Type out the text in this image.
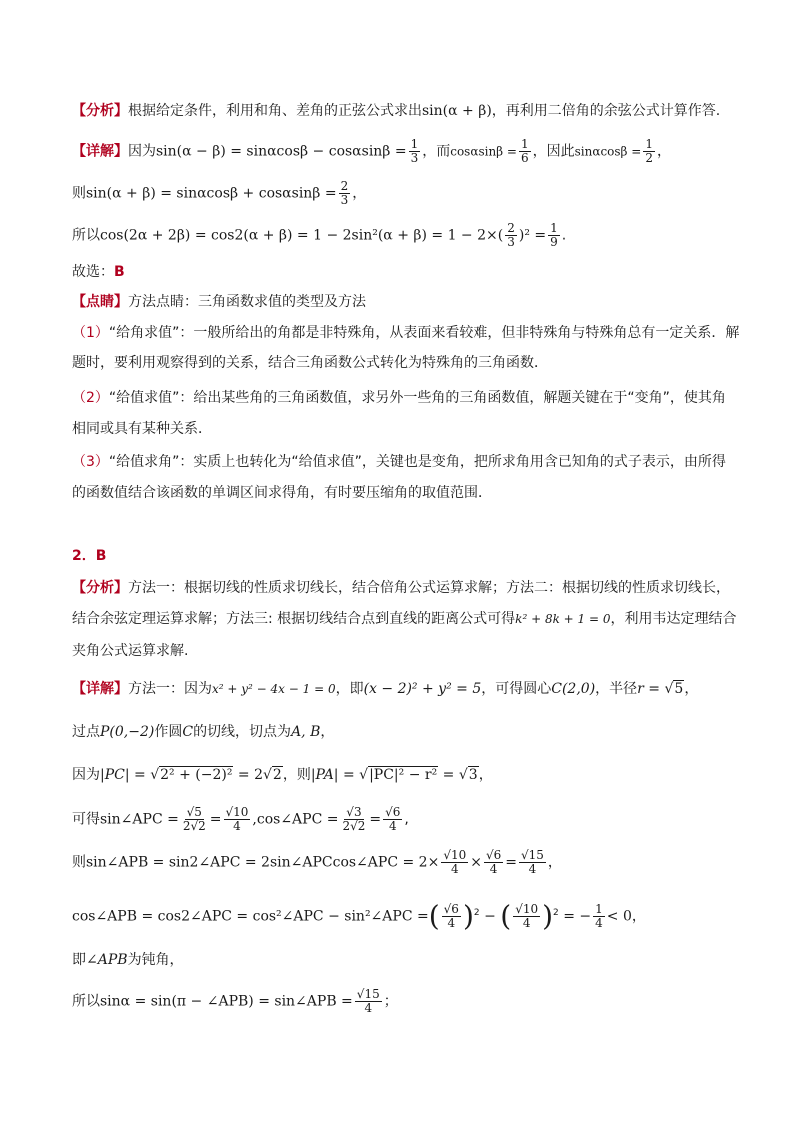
【分析】根据给定条件，利用和角、差角的正弦公式求出sin(α + β)，再利用二倍角的余弦公式计算作答.
【详解】因为$\sin(\alpha - \beta) = \sin\alpha\cos\beta - \cos\alpha\sin\beta = \frac{1}{3}$ ，而$\cos\alpha\sin\beta = \frac{1}{6}$ ，因此$\sin\alpha\cos\beta = \frac{1}{2}$ ，
则$\sin(\alpha + \beta) = \sin\alpha\cos\beta + \cos\alpha\sin\beta = \frac{2}{3}$ ，
所以$\cos(2\alpha + 2\beta) = \cos 2(\alpha + \beta) = 1 - 2\sin^2(\alpha + \beta) = 1 - 2\times( \frac{2}{3} )^2 = \frac{1}{9}$ .
故选：B
【点睛】方法点睛：三角函数求值的类型及方法
（1）“给角求值”：一般所给出的角都是非特殊角，从表面来看较难，但非特殊角与特殊角总有一定关系．解
题时，要利用观察得到的关系，结合三角函数公式转化为特殊角的三角函数．
（2）“给值求值”：给出某些角的三角函数值，求另外一些角的三角函数值，解题关键在于“变角”，使其角
相同或具有某种关系．
（3）“给值求角”：实质上也转化为“给值求值”，关键也是变角，把所求角用含已知角的式子表示，由所得
的函数值结合该函数的单调区间求得角，有时要压缩角的取值范围．
2．B
【分析】方法一：根据切线的性质求切线长，结合倍角公式运算求解；方法二：根据切线的性质求切线长，
结合余弦定理运算求解；方法三: 根据切线结合点到直线的距离公式可得k² + 8k + 1 = 0，利用韦达定理结合
夹角公式运算求解.
【详解】方法一：因为x² + y² − 4x − 1 = 0，即(x − 2)² + y² = 5，可得圆心C(2,0)，半径r = √5，
过点P(0,−2)作圆C的切线，切点为A, B，
因为|PC| = √2² + (−2)² = 2√2，则|PA| = √|PC|² − r² = √3，
可得sin∠APC = $\frac{√5}{2√2} = \frac{√10}{4}$ ,cos∠APC = $\frac{√3}{2√2} = \frac{√6}{4}$ ,
则sin∠APB = sin2∠APC = 2sin∠APCcos∠APC = $2\times \frac{√10}{4} \times \frac{√6}{4} = \frac{√15}{4}$ ，
cos∠APB = cos2∠APC = cos²∠APC − sin²∠APC =( $\frac{√6}{4} )^2$ − ( $\frac{√10}{4} )^2$ = − $\frac{1}{4} < 0$，
即∠APB为钝角，
所以sinα = sin(π − ∠APB) = sin∠APB = $\frac{√15}{4}$ ；
